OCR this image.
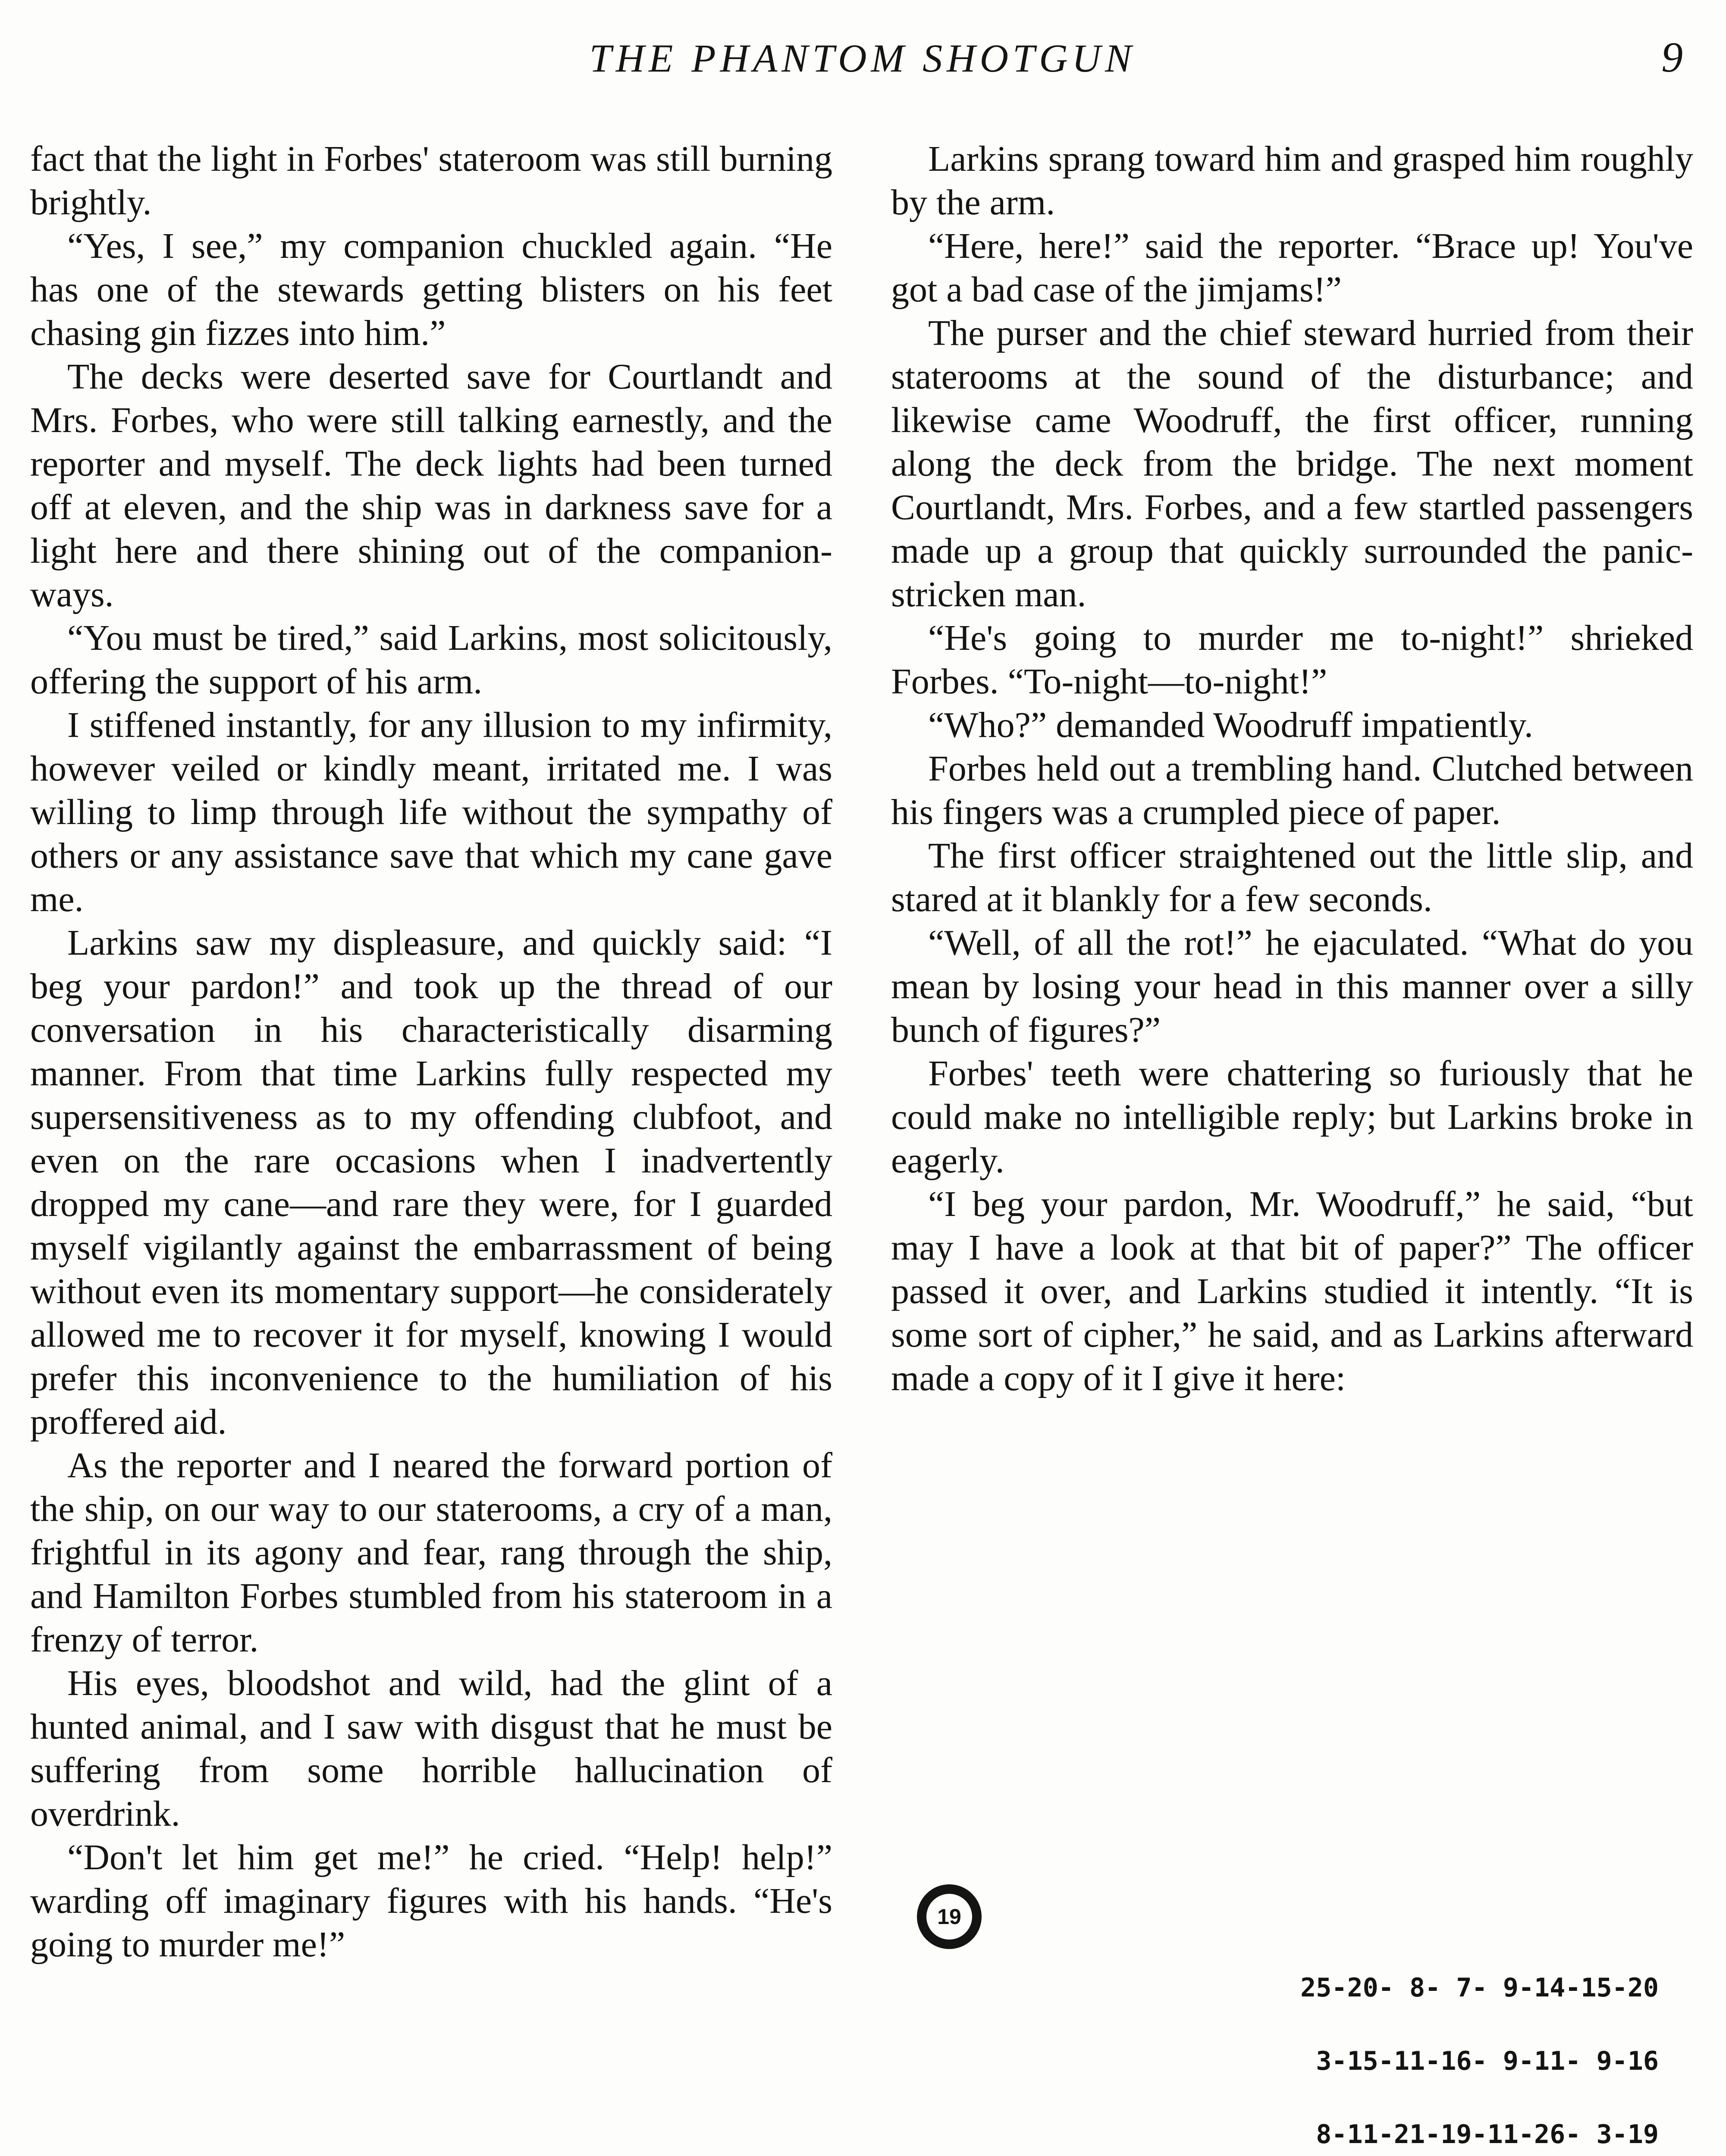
THE PHANTOM SHOTGUN	9

fact that the light in Forbes' stateroom was still burning brightly.

“Yes, I see,” my companion chuckled again. “He has one of the stewards getting blisters on his feet chasing gin fizzes into him.”

The decks were deserted save for Courtlandt and Mrs. Forbes, who were still talking earnestly, and the reporter and myself. The deck lights had been turned off at eleven, and the ship was in darkness save for a light here and there shining out of the companion-ways.

“You must be tired,” said Larkins, most solicitously, offering the support of his arm.

I stiffened instantly, for any illusion to my infirmity, however veiled or kindly meant, irritated me. I was willing to limp through life without the sympathy of others or any assistance save that which my cane gave me.

Larkins saw my displeasure, and quickly said: “I beg your pardon!” and took up the thread of our conversation in his characteristically disarming manner. From that time Larkins fully respected my supersensitiveness as to my offending clubfoot, and even on the rare occasions when I inadvertently dropped my cane—and rare they were, for I guarded myself vigilantly against the embarrassment of being without even its momentary support—he considerately allowed me to recover it for myself, knowing I would prefer this inconvenience to the humiliation of his proffered aid.

As the reporter and I neared the forward portion of the ship, on our way to our staterooms, a cry of a man, frightful in its agony and fear, rang through the ship, and Hamilton Forbes stumbled from his stateroom in a frenzy of terror.

His eyes, bloodshot and wild, had the glint of a hunted animal, and I saw with disgust that he must be suffering from some horrible hallucination of overdrink.

“Don't let him get me!” he cried. “Help! help!” warding off imaginary figures with his hands. “He's going to murder me!”

Larkins sprang toward him and grasped him roughly by the arm.

“Here, here!” said the reporter. “Brace up! You've got a bad case of the jimjams!”

The purser and the chief steward hurried from their staterooms at the sound of the disturbance; and likewise came Woodruff, the first officer, running along the deck from the bridge. The next moment Courtlandt, Mrs. Forbes, and a few startled passengers made up a group that quickly surrounded the panic-stricken man.

“He's going to murder me to-night!” shrieked Forbes. “To-night—to-night!”

“Who?” demanded Woodruff impatiently.

Forbes held out a trembling hand. Clutched between his fingers was a crumpled piece of paper.

The first officer straightened out the little slip, and stared at it blankly for a few seconds.

“Well, of all the rot!” he ejaculated. “What do you mean by losing your head in this manner over a silly bunch of figures?”

Forbes' teeth were chattering so furiously that he could make no intelligible reply; but Larkins broke in eagerly.

“I beg your pardon, Mr. Woodruff,” he said, “but may I have a look at that bit of paper?” The officer passed it over, and Larkins studied it intently. “It is some sort of cipher,” he said, and as Larkins afterward made a copy of it I give it here:

19
25-20- 8- 7- 9-14-15-20
3-15-11-16- 9-11- 9-16
8-11-21-19-11-26- 3-19
